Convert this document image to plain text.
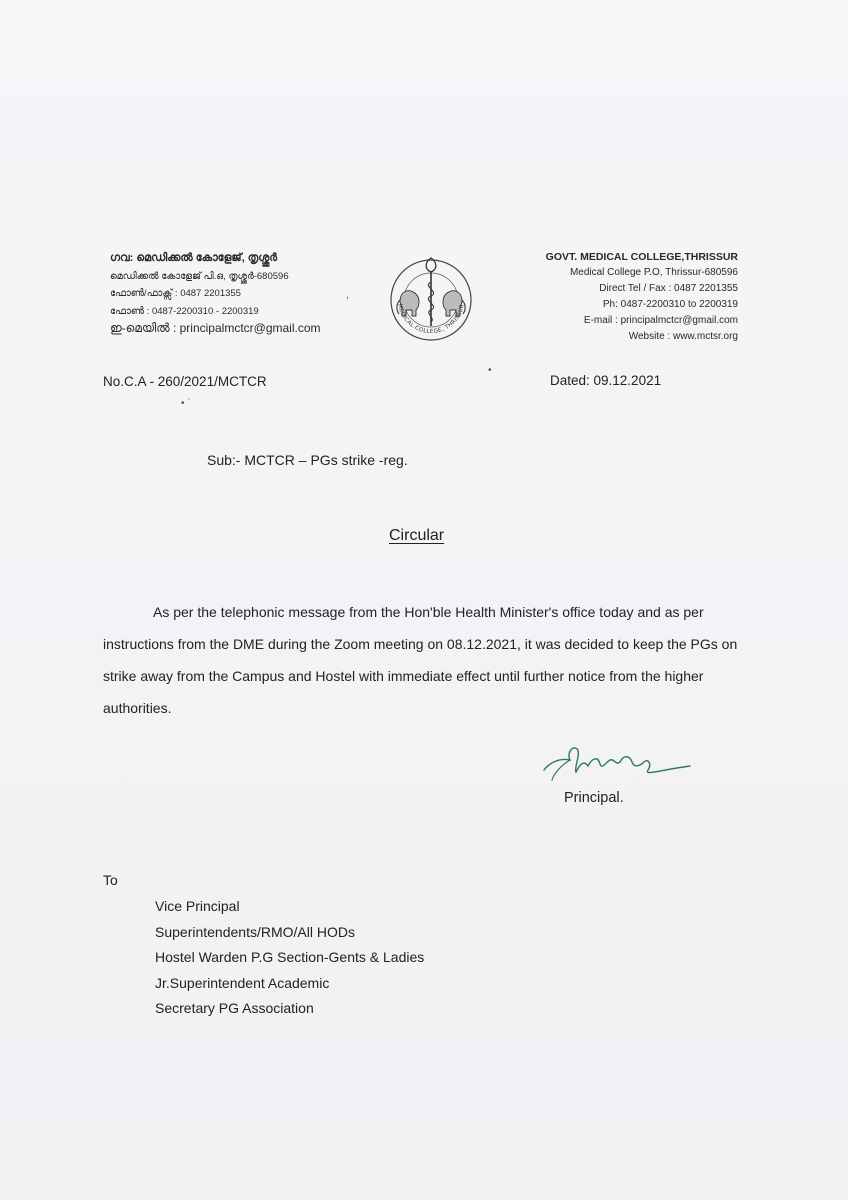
ഗവ: മെഡിക്കൽ കോളേജ്, തൃശ്ശൂർ
മെഡിക്കൽ കോളേജ് പി.ഒ, തൃശ്ശൂർ-680596
ഫോൺ/ഫാക്സ് : 0487 2201355
ഫോൺ : 0487-2200310 - 2200319
ഇ-മെയിൽ : principalmctcr@gmail.com
MEDICAL COLLEGE, THRISSUR
GOVT. MEDICAL COLLEGE,THRISSUR
Medical College P.O, Thrissur-680596
Direct Tel / Fax : 0487 2201355
Ph: 0487-2200310 to 2200319
E-mail : principalmctcr@gmail.com
Website : www.mctsr.org
,
•
• ˈ
No.C.A - 260/2021/MCTCR	Dated: 09.12.2021
Sub:- MCTCR – PGs strike -reg.
Circular

As per the telephonic message from the Hon'ble Health Minister's office today and as per instructions from the DME during the Zoom meeting on 08.12.2021, it was decided to keep the PGs on strike away from the Campus and Hostel with immediate effect until further notice from the higher authorities.

Principal.
To
Vice Principal
Superintendents/RMO/All HODs
Hostel Warden P.G Section-Gents & Ladies
Jr.Superintendent Academic
Secretary PG Association
